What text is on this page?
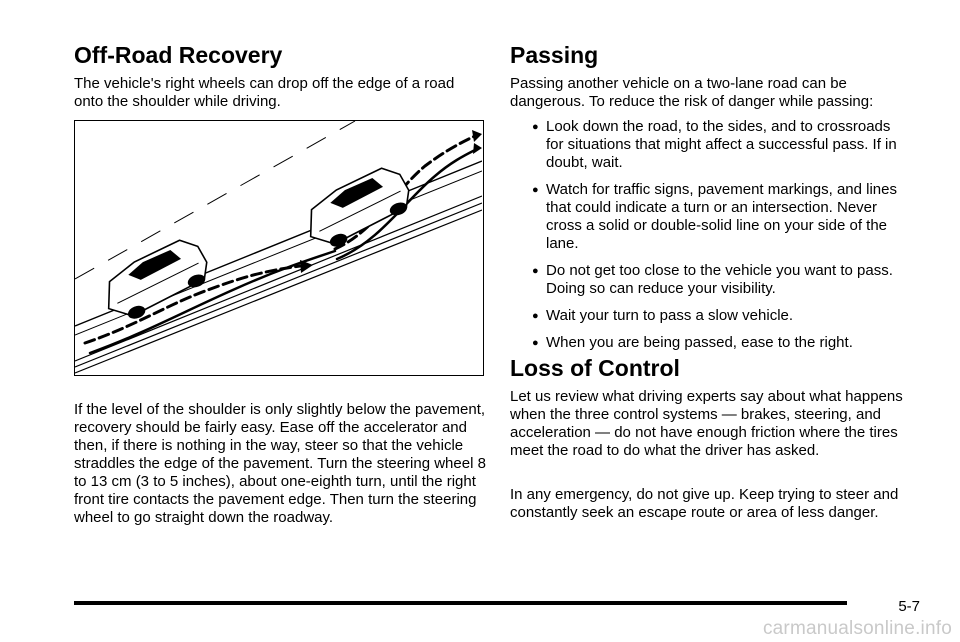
Off-Road Recovery

The vehicle's right wheels can drop off the edge of a road onto the shoulder while driving.

If the level of the shoulder is only slightly below the pavement, recovery should be fairly easy. Ease off the accelerator and then, if there is nothing in the way, steer so that the vehicle straddles the edge of the pavement. Turn the steering wheel 8 to 13 cm (3 to 5 inches), about one-eighth turn, until the right front tire contacts the pavement edge. Then turn the steering wheel to go straight down the roadway.

Passing

Passing another vehicle on a two-lane road can be dangerous. To reduce the risk of danger while passing:

● Look down the road, to the sides, and to crossroads for situations that might affect a successful pass. If in doubt, wait.
● Watch for traffic signs, pavement markings, and lines that could indicate a turn or an intersection. Never cross a solid or double-solid line on your side of the lane.
● Do not get too close to the vehicle you want to pass. Doing so can reduce your visibility.
● Wait your turn to pass a slow vehicle.
● When you are being passed, ease to the right.
Loss of Control

Let us review what driving experts say about what happens when the three control systems — brakes, steering, and acceleration — do not have enough friction where the tires meet the road to do what the driver has asked.

In any emergency, do not give up. Keep trying to steer and constantly seek an escape route or area of less danger.

5-7
carmanualsonline.info
